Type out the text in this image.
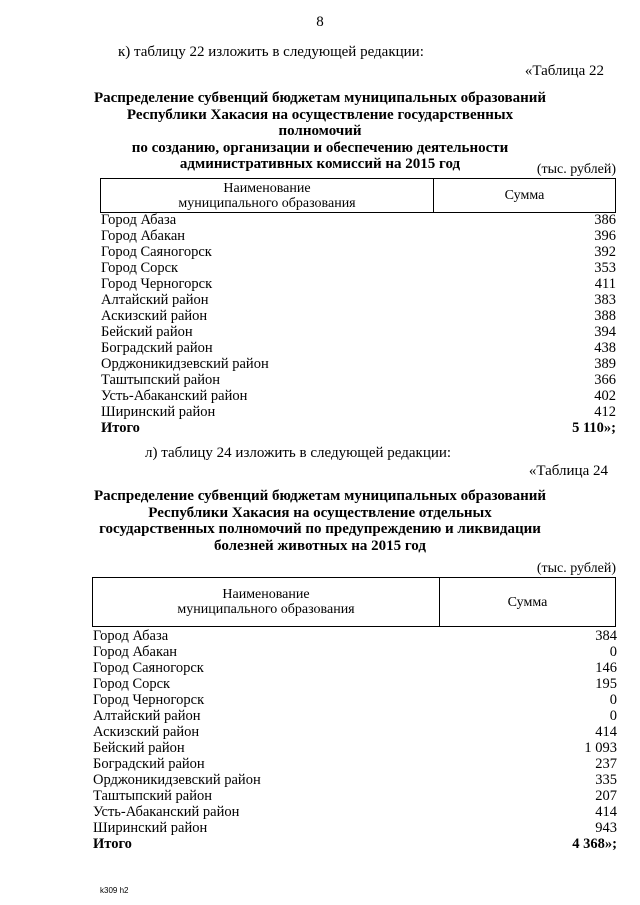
8
к) таблицу 22 изложить в следующей редакции:
«Таблица 22
Распределение субвенций бюджетам муниципальных образований
Республики Хакасия на осуществление государственных полномочий
по созданию, организации и обеспечению деятельности
административных комиссий на 2015 год	(тыс. рублей)
Наименование
муниципального образования	Сумма
Город Абаза	386
Город Абакан	396
Город Саяногорск	392
Город Сорск	353
Город Черногорск	411
Алтайский район	383
Аскизский район	388
Бейский район	394
Боградский район	438
Орджоникидзевский район	389
Таштыпский район	366
Усть-Абаканский район	402
Ширинский район	412
Итого	5 110»;
л) таблицу 24 изложить в следующей редакции:
«Таблица 24
Распределение субвенций бюджетам муниципальных образований
Республики Хакасия на осуществление отдельных
государственных полномочий по предупреждению и ликвидации
болезней животных на 2015 год
(тыс. рублей)
Наименование
муниципального образования	Сумма
Город Абаза	384
Город Абакан	0
Город Саяногорск	146
Город Сорск	195
Город Черногорск	0
Алтайский район	0
Аскизский район	414
Бейский район	1 093
Боградский район	237
Орджоникидзевский район	335
Таштыпский район	207
Усть-Абаканский район	414
Ширинский район	943
Итого	4 368»;
k309 h2
